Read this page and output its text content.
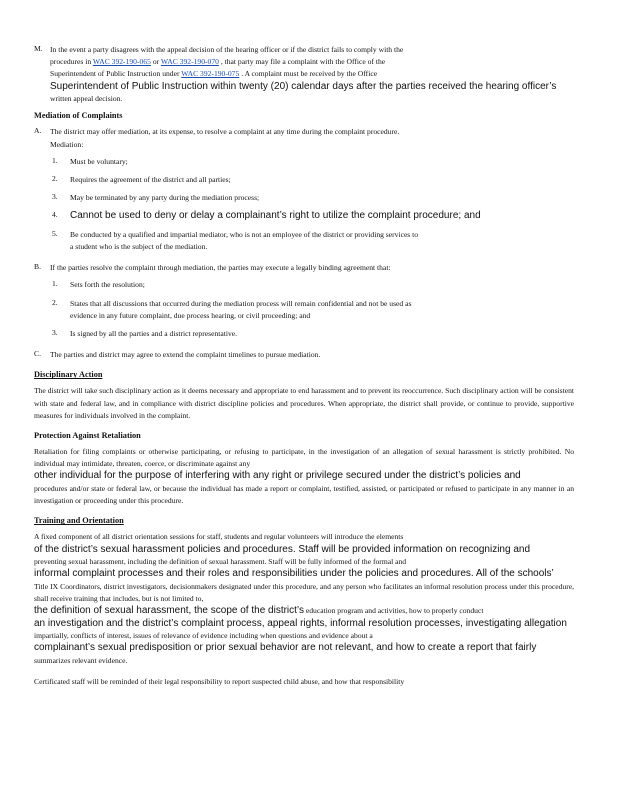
M. In the event a party disagrees with the appeal decision of the hearing officer or if the district fails to comply with the

procedures in WAC 392-190-065 or WAC 392-190-070 , that party may file a complaint with the Office of the

Superintendent of Public Instruction under WAC 392-190-075 . A complaint must be received by the Office

Superintendent of Public Instruction within twenty (20) calendar days after the parties received the hearing officer’s

written appeal decision.

Mediation of Complaints

A. The district may offer mediation, at its expense, to resolve a complaint at any time during the complaint procedure.

Mediation:

1. Must be voluntary;

2. Requires the agreement of the district and all parties;

3. May be terminated by any party during the mediation process;

4. Cannot be used to deny or delay a complainant’s right to utilize the complaint procedure; and

5. Be conducted by a qualified and impartial mediator, who is not an employee of the district or providing services to

a student who is the subject of the mediation.

B. If the parties resolve the complaint through mediation, the parties may execute a legally binding agreement that:

1. Sets forth the resolution;

2. States that all discussions that occurred during the mediation process will remain confidential and not be used as

evidence in any future complaint, due process hearing, or civil proceeding; and

3. Is signed by all the parties and a district representative.

C. The parties and district may agree to extend the complaint timelines to pursue mediation.

Disciplinary Action

The district will take such disciplinary action as it deems necessary and appropriate to end harassment and to prevent its reoccurrence. Such disciplinary action will be consistent with state and federal law, and in compliance with district discipline policies and procedures. When appropriate, the district shall provide, or continue to provide, supportive measures for individuals involved in the complaint.

Protection Against Retaliation

Retaliation for filing complaints or otherwise participating, or refusing to participate, in the investigation of an allegation of sexual harassment is strictly prohibited. No individual may intimidate, threaten, coerce, or discriminate against any

other individual for the purpose of interfering with any right or privilege secured under the district’s policies and

procedures and/or state or federal law, or because the individual has made a report or complaint, testified, assisted, or participated or refused to participate in any manner in an investigation or proceeding under this procedure.

Training and Orientation

A fixed component of all district orientation sessions for staff, students and regular volunteers will introduce the elements

of the district’s sexual harassment policies and procedures. Staff will be provided information on recognizing and

preventing sexual harassment, including the definition of sexual harassment. Staff will be fully informed of the formal and

informal complaint processes and their roles and responsibilities under the policies and procedures. All of the schools’

Title IX Coordinators, district investigators, decisionmakers designated under this procedure, and any person who facilitates an informal resolution process under this procedure, shall receive training that includes, but is not limited to,

the definition of sexual harassment, the scope of the district’s education program and activities, how to properly conduct

an investigation and the district’s complaint process, appeal rights, informal resolution processes, investigating allegation

impartially, conflicts of interest, issues of relevance of evidence including when questions and evidence about a

complainant’s sexual predisposition or prior sexual behavior are not relevant, and how to create a report that fairly

summarizes relevant evidence.

Certificated staff will be reminded of their legal responsibility to report suspected child abuse, and how that responsibility
